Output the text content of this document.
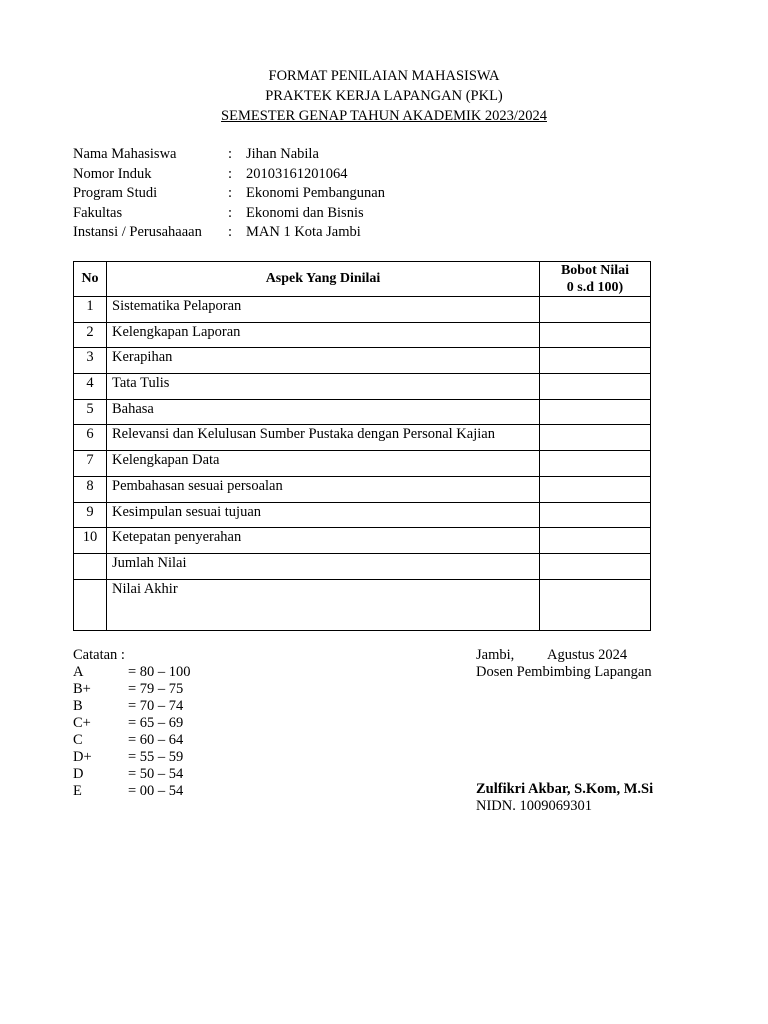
FORMAT PENILAIAN MAHASISWA
PRAKTEK KERJA LAPANGAN (PKL)
SEMESTER GENAP TAHUN AKADEMIK 2023/2024
Nama Mahasiswa	: Jihan Nabila
Nomor Induk	: 20103161201064
Program Studi	: Ekonomi Pembangunan
Fakultas	: Ekonomi dan Bisnis
Instansi / Perusahaaan	: MAN 1 Kota Jambi
No	Aspek Yang Dinilai	Bobot Nilai
0 s.d 100)

1	Sistematika Pelaporan	
2	Kelengkapan Laporan	
3	Kerapihan	
4	Tata Tulis	
5	Bahasa	
6	Relevansi dan Kelulusan Sumber Pustaka dengan Personal Kajian	
7	Kelengkapan Data	
8	Pembahasan sesuai persoalan	
9	Kesimpulan sesuai tujuan	
10	Ketepatan penyerahan	
	Jumlah Nilai	
	Nilai Akhir	
Catatan :
A	= 80 – 100
B+	= 79 – 75
B	= 70 – 74
C+	= 65 – 69
C	= 60 – 64
D+	= 55 – 59
D	= 50 – 54
E	= 00 – 54
Jambi, Agustus 2024
Dosen Pembimbing Lapangan
Zulfikri Akbar, S.Kom, M.Si
NIDN. 1009069301
